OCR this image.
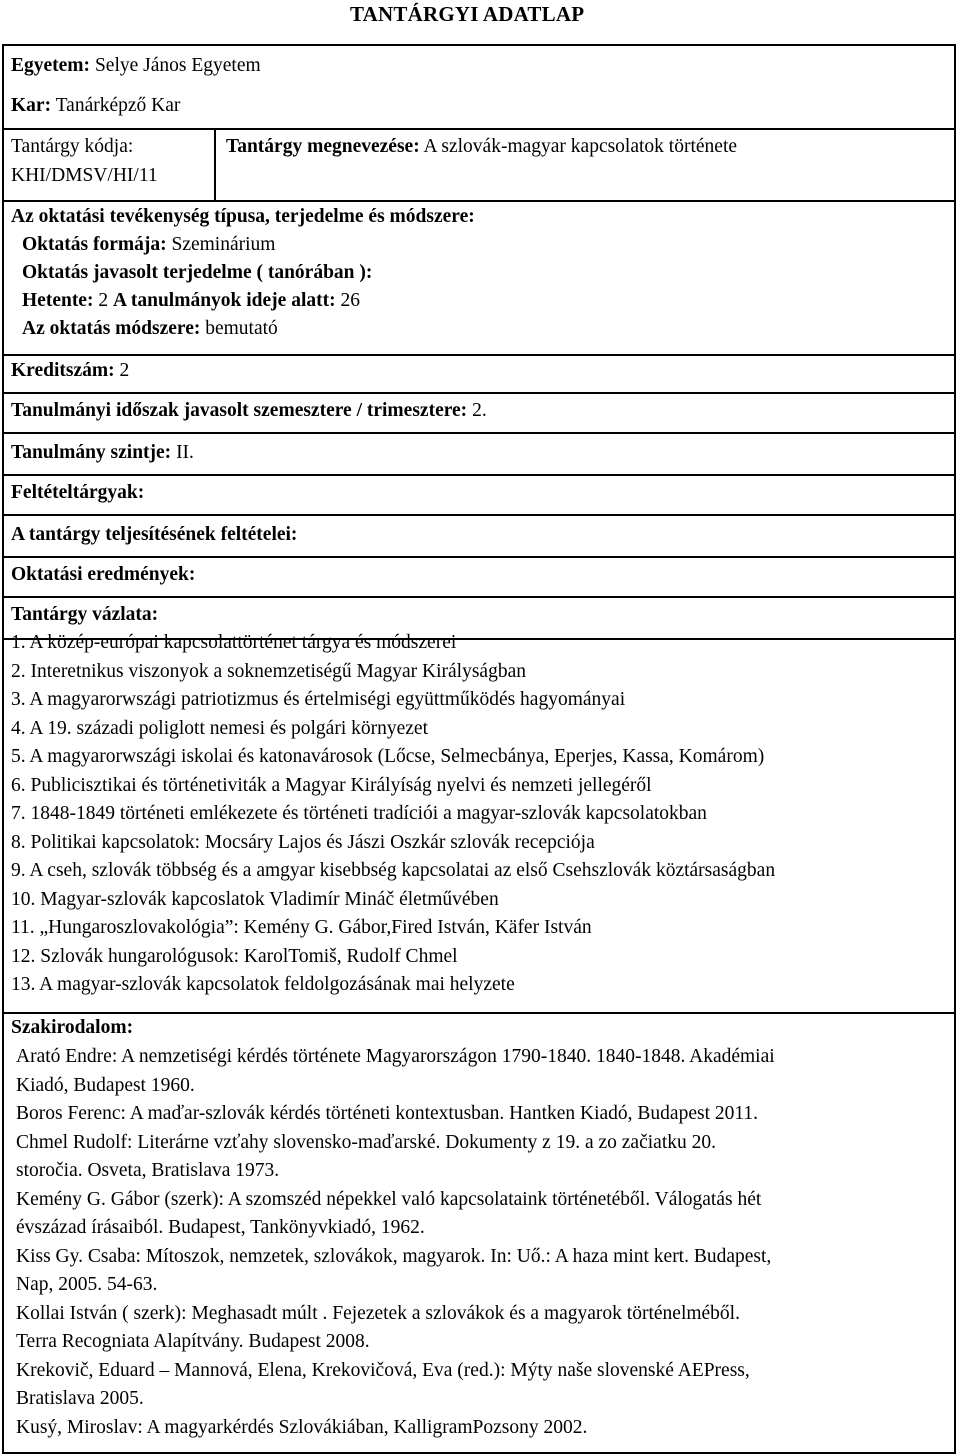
TANTÁRGYI ADATLAP
Egyetem: Selye János Egyetem
Kar: Tanárképző Kar
Tantárgy kódja:
KHI/DMSV/HI/11
Tantárgy megnevezése: A szlovák-magyar kapcsolatok története
Az oktatási tevékenység típusa, terjedelme és módszere:
Oktatás formája: Szeminárium
Oktatás javasolt terjedelme ( tanórában ):
Hetente: 2 A tanulmányok ideje alatt: 26
Az oktatás módszere: bemutató
Kreditszám: 2
Tanulmányi időszak javasolt szemesztere / trimesztere: 2.
Tanulmány szintje: II.
Feltételtárgyak:
A tantárgy teljesítésének feltételei:
Oktatási eredmények:
Tantárgy vázlata:
1. A közép-európai kapcsolattörténet tárgya és módszerei
2. Interetnikus viszonyok a soknemzetiségű Magyar Királyságban
3. A magyarorwszági patriotizmus és értelmiségi együttműködés hagyományai
4. A 19. századi poliglott nemesi és polgári környezet
5. A magyarorwszági iskolai és katonavárosok (Lőcse, Selmecbánya, Eperjes, Kassa, Komárom)
6. Publicisztikai és történetiviták a Magyar Királyíság nyelvi és nemzeti jellegéről
7. 1848-1849 történeti emlékezete és történeti tradíciói a magyar-szlovák kapcsolatokban
8. Politikai kapcsolatok: Mocsáry Lajos és Jászi Oszkár szlovák recepciója
9. A cseh, szlovák többség és a amgyar kisebbség kapcsolatai az első Csehszlovák köztársaságban
10. Magyar-szlovák kapcoslatok Vladimír Mináč életművében
11. „Hungaroszlovakológia”: Kemény G. Gábor,Fired István, Käfer István
12. Szlovák hungarológusok: KarolTomiš, Rudolf Chmel
13. A magyar-szlovák kapcsolatok feldolgozásának mai helyzete
Szakirodalom:
Arató Endre: A nemzetiségi kérdés története Magyarországon 1790-1840. 1840-1848. Akadémiai
Kiadó, Budapest 1960.
Boros Ferenc: A maďar-szlovák kérdés történeti kontextusban. Hantken Kiadó, Budapest 2011.
Chmel Rudolf: Literárne vzťahy slovensko-maďarské. Dokumenty z 19. a zo začiatku 20.
storočia. Osveta, Bratislava 1973.
Kemény G. Gábor (szerk): A szomszéd népekkel való kapcsolataink történetéből. Válogatás hét
évszázad írásaiból. Budapest, Tankönyvkiadó, 1962.
Kiss Gy. Csaba: Mítoszok, nemzetek, szlovákok, magyarok. In: Uő.: A haza mint kert. Budapest,
Nap, 2005. 54-63.
Kollai István ( szerk): Meghasadt múlt . Fejezetek a szlovákok és a magyarok történelméből.
Terra Recogniata Alapítvány. Budapest 2008.
Krekovič, Eduard – Mannová, Elena, Krekovičová, Eva (red.): Mýty naše slovenské AEPress,
Bratislava 2005.
Kusý, Miroslav: A magyarkérdés Szlovákiában, KalligramPozsony 2002.
